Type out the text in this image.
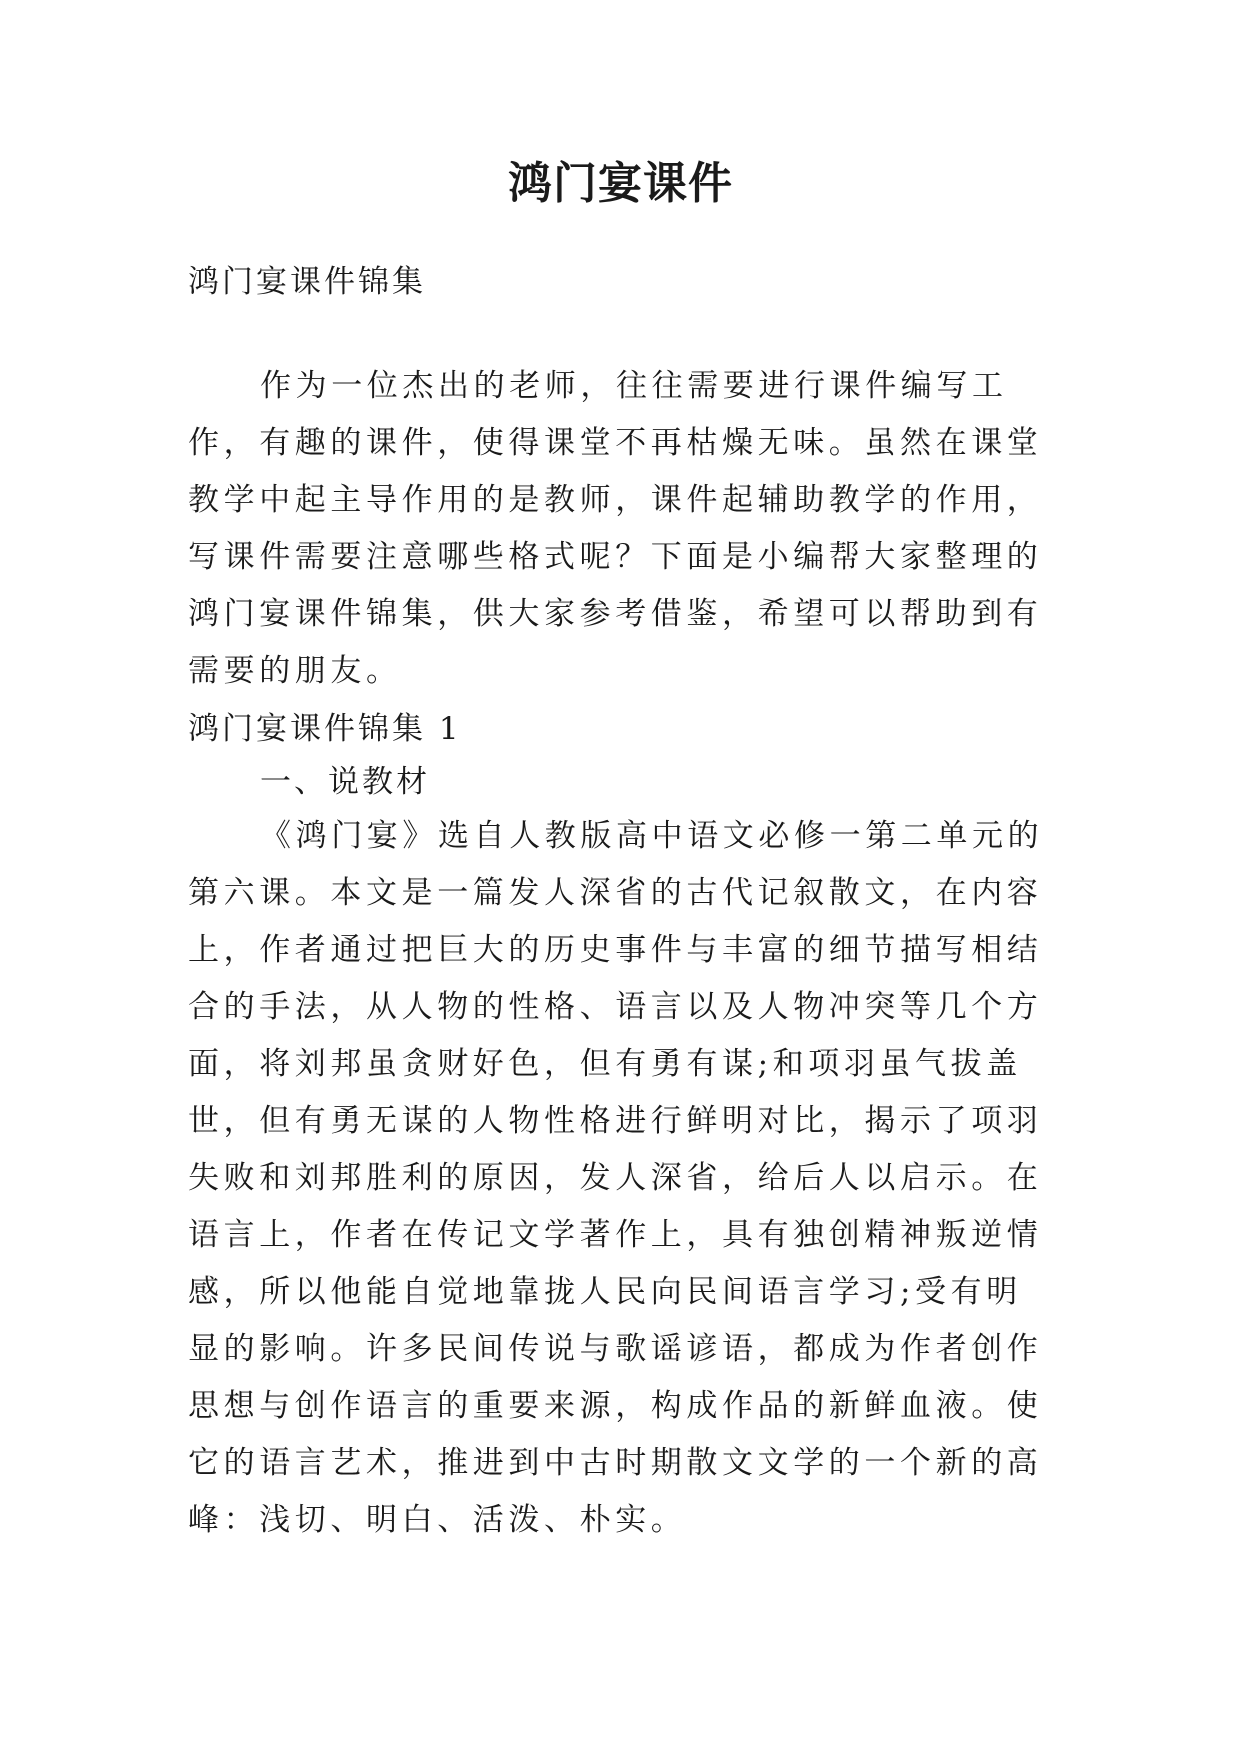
鸿门宴课件

鸿门宴课件锦集

作为一位杰出的老师，往往需要进行课件编写工作，有趣的课件，使得课堂不再枯燥无味。虽然在课堂教学中起主导作用的是教师，课件起辅助教学的作用，写课件需要注意哪些格式呢？下面是小编帮大家整理的鸿门宴课件锦集，供大家参考借鉴，希望可以帮助到有需要的朋友。

鸿门宴课件锦集 1

一、说教材

《鸿门宴》选自人教版高中语文必修一第二单元的第六课。本文是一篇发人深省的古代记叙散文，在内容上，作者通过把巨大的历史事件与丰富的细节描写相结合的手法，从人物的性格、语言以及人物冲突等几个方面，将刘邦虽贪财好色，但有勇有谋;和项羽虽气拔盖世，但有勇无谋的人物性格进行鲜明对比，揭示了项羽失败和刘邦胜利的原因，发人深省，给后人以启示。在语言上，作者在传记文学著作上，具有独创精神叛逆情感，所以他能自觉地靠拢人民向民间语言学习;受有明显的影响。许多民间传说与歌谣谚语，都成为作者创作思想与创作语言的重要来源，构成作品的新鲜血液。使它的语言艺术，推进到中古时期散文文学的一个新的高峰：浅切、明白、活泼、朴实。
